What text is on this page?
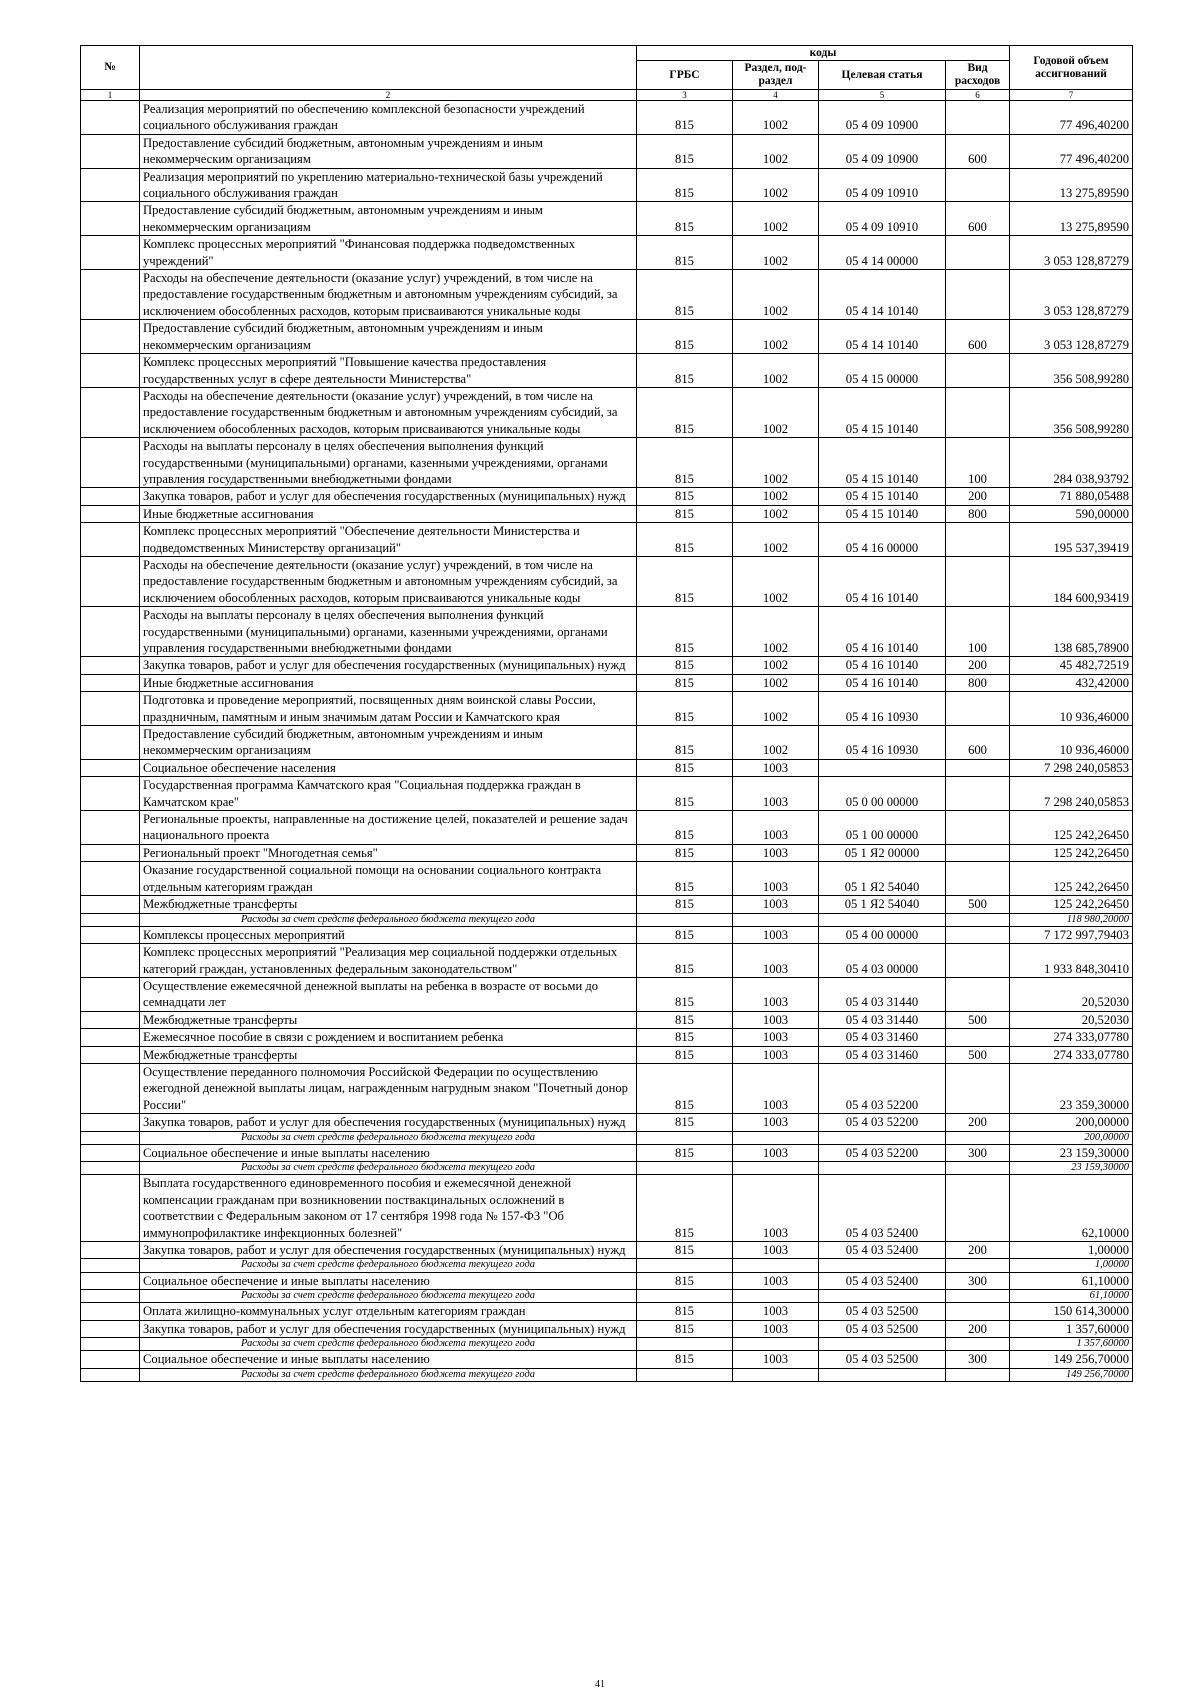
№		коды				Годовой объем ассигнований
		ГРБС	Раздел, под-раздел	Целевая статья	Вид расходов	
1	2	3	4	5	6	7
	Реализация мероприятий по обеспечению комплексной безопасности учреждений социального обслуживания граждан	815	1002	05 4 09 10900		77 496,40200
	Предоставление субсидий бюджетным, автономным учреждениям и иным некоммерческим организациям	815	1002	05 4 09 10900	600	77 496,40200
	Реализация мероприятий по укреплению материально-технической базы учреждений социального обслуживания граждан	815	1002	05 4 09 10910		13 275,89590
	Предоставление субсидий бюджетным, автономным учреждениям и иным некоммерческим организациям	815	1002	05 4 09 10910	600	13 275,89590
	Комплекс процессных мероприятий "Финансовая поддержка подведомственных учреждений"	815	1002	05 4 14 00000		3 053 128,87279
	Расходы на обеспечение деятельности (оказание услуг) учреждений, в том числе на предоставление государственным бюджетным и автономным учреждениям субсидий, за исключением обособленных расходов, которым присваиваются уникальные коды	815	1002	05 4 14 10140		3 053 128,87279
	Предоставление субсидий бюджетным, автономным учреждениям и иным некоммерческим организациям	815	1002	05 4 14 10140	600	3 053 128,87279
	Комплекс процессных мероприятий "Повышение качества предоставления государственных услуг в сфере деятельности Министерства"	815	1002	05 4 15 00000		356 508,99280
	Расходы на обеспечение деятельности (оказание услуг) учреждений, в том числе на предоставление государственным бюджетным и автономным учреждениям субсидий, за исключением обособленных расходов, которым присваиваются уникальные коды	815	1002	05 4 15 10140		356 508,99280
	Расходы на выплаты персоналу в целях обеспечения выполнения функций государственными (муниципальными) органами, казенными учреждениями, органами управления государственными внебюджетными фондами	815	1002	05 4 15 10140	100	284 038,93792
	Закупка товаров, работ и услуг для обеспечения государственных (муниципальных) нужд	815	1002	05 4 15 10140	200	71 880,05488
	Иные бюджетные ассигнования	815	1002	05 4 15 10140	800	590,00000
	Комплекс процессных мероприятий "Обеспечение деятельности Министерства и подведомственных Министерству организаций"	815	1002	05 4 16 00000		195 537,39419
	Расходы на обеспечение деятельности (оказание услуг) учреждений, в том числе на предоставление государственным бюджетным и автономным учреждениям субсидий, за исключением обособленных расходов, которым присваиваются уникальные коды	815	1002	05 4 16 10140		184 600,93419
	Расходы на выплаты персоналу в целях обеспечения выполнения функций государственными (муниципальными) органами, казенными учреждениями, органами управления государственными внебюджетными фондами	815	1002	05 4 16 10140	100	138 685,78900
	Закупка товаров, работ и услуг для обеспечения государственных (муниципальных) нужд	815	1002	05 4 16 10140	200	45 482,72519
	Иные бюджетные ассигнования	815	1002	05 4 16 10140	800	432,42000
	Подготовка и проведение мероприятий, посвященных дням воинской славы России, праздничным, памятным и иным значимым датам России и Камчатского края	815	1002	05 4 16 10930		10 936,46000
	Предоставление субсидий бюджетным, автономным учреждениям и иным некоммерческим организациям	815	1002	05 4 16 10930	600	10 936,46000
	Социальное обеспечение населения	815	1003			7 298 240,05853
	Государственная программа Камчатского края "Социальная поддержка граждан в Камчатском крае"	815	1003	05 0 00 00000		7 298 240,05853
	Региональные проекты, направленные на достижение целей, показателей и решение задач национального проекта	815	1003	05 1 00 00000		125 242,26450
	Региональный проект "Многодетная семья"	815	1003	05 1 Я2 00000		125 242,26450
	Оказание государственной социальной помощи на основании социального контракта отдельным категориям граждан	815	1003	05 1 Я2 54040		125 242,26450
	Межбюджетные трансферты	815	1003	05 1 Я2 54040	500	125 242,26450
	Расходы за счет средств федерального бюджета текущего года					118 980,20000
	Комплексы процессных мероприятий	815	1003	05 4 00 00000		7 172 997,79403
	Комплекс процессных мероприятий "Реализация мер социальной поддержки отдельных категорий граждан, установленных федеральным законодательством"	815	1003	05 4 03 00000		1 933 848,30410
	Осуществление ежемесячной денежной выплаты на ребенка в возрасте от восьми до семнадцати лет	815	1003	05 4 03 31440		20,52030
	Межбюджетные трансферты	815	1003	05 4 03 31440	500	20,52030
	Ежемесячное пособие в связи с рождением и воспитанием ребенка	815	1003	05 4 03 31460		274 333,07780
	Межбюджетные трансферты	815	1003	05 4 03 31460	500	274 333,07780
	Осуществление переданного полномочия Российской Федерации по осуществлению ежегодной денежной выплаты лицам, награжденным нагрудным знаком "Почетный донор России"	815	1003	05 4 03 52200		23 359,30000
	Закупка товаров, работ и услуг для обеспечения государственных (муниципальных) нужд	815	1003	05 4 03 52200	200	200,00000
	Расходы за счет средств федерального бюджета текущего года					200,00000
	Социальное обеспечение и иные выплаты населению	815	1003	05 4 03 52200	300	23 159,30000
	Расходы за счет средств федерального бюджета текущего года					23 159,30000
	Выплата государственного единовременного пособия и ежемесячной денежной компенсации гражданам при возникновении поствакцинальных осложнений в соответствии с Федеральным законом от 17 сентября 1998 года № 157-ФЗ "Об иммунопрофилактике инфекционных болезней"	815	1003	05 4 03 52400		62,10000
	Закупка товаров, работ и услуг для обеспечения государственных (муниципальных) нужд	815	1003	05 4 03 52400	200	1,00000
	Расходы за счет средств федерального бюджета текущего года					1,00000
	Социальное обеспечение и иные выплаты населению	815	1003	05 4 03 52400	300	61,10000
	Расходы за счет средств федерального бюджета текущего года					61,10000
	Оплата жилищно-коммунальных услуг отдельным категориям граждан	815	1003	05 4 03 52500		150 614,30000
	Закупка товаров, работ и услуг для обеспечения государственных (муниципальных) нужд	815	1003	05 4 03 52500	200	1 357,60000
	Расходы за счет средств федерального бюджета текущего года					1 357,60000
	Социальное обеспечение и иные выплаты населению	815	1003	05 4 03 52500	300	149 256,70000
	Расходы за счет средств федерального бюджета текущего года					149 256,70000
41
